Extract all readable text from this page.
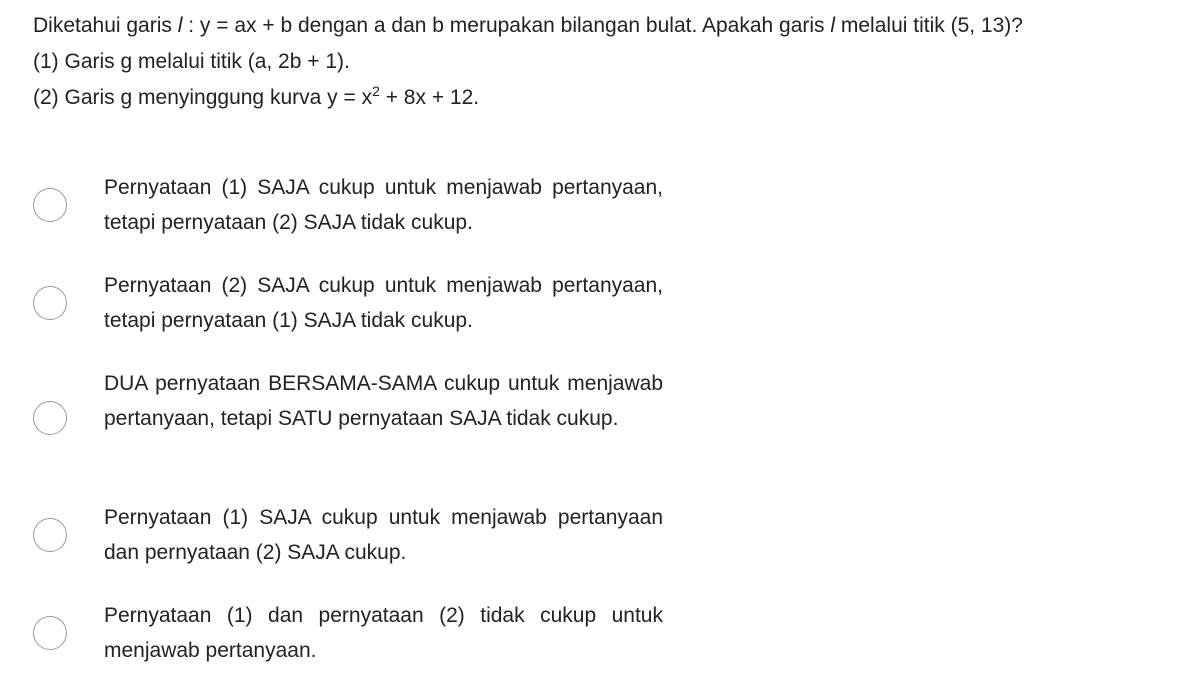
Diketahui garis l : y = ax + b dengan a dan b merupakan bilangan bulat. Apakah garis l melalui titik (5, 13)?
(1) Garis g melalui titik (a, 2b + 1).
(2) Garis g menyinggung kurva $y = x^2 + 8x + 12$.
Pernyataan (1) SAJA cukup untuk menjawab pertanyaan, tetapi pernyataan (2) SAJA tidak cukup.
Pernyataan (2) SAJA cukup untuk menjawab pertanyaan, tetapi pernyataan (1) SAJA tidak cukup.
DUA pernyataan BERSAMA-SAMA cukup untuk menjawab pertanyaan, tetapi SATU pernyataan SAJA tidak cukup.
Pernyataan (1) SAJA cukup untuk menjawab pertanyaan dan pernyataan (2) SAJA cukup.
Pernyataan (1) dan pernyataan (2) tidak cukup untuk menjawab pertanyaan.
